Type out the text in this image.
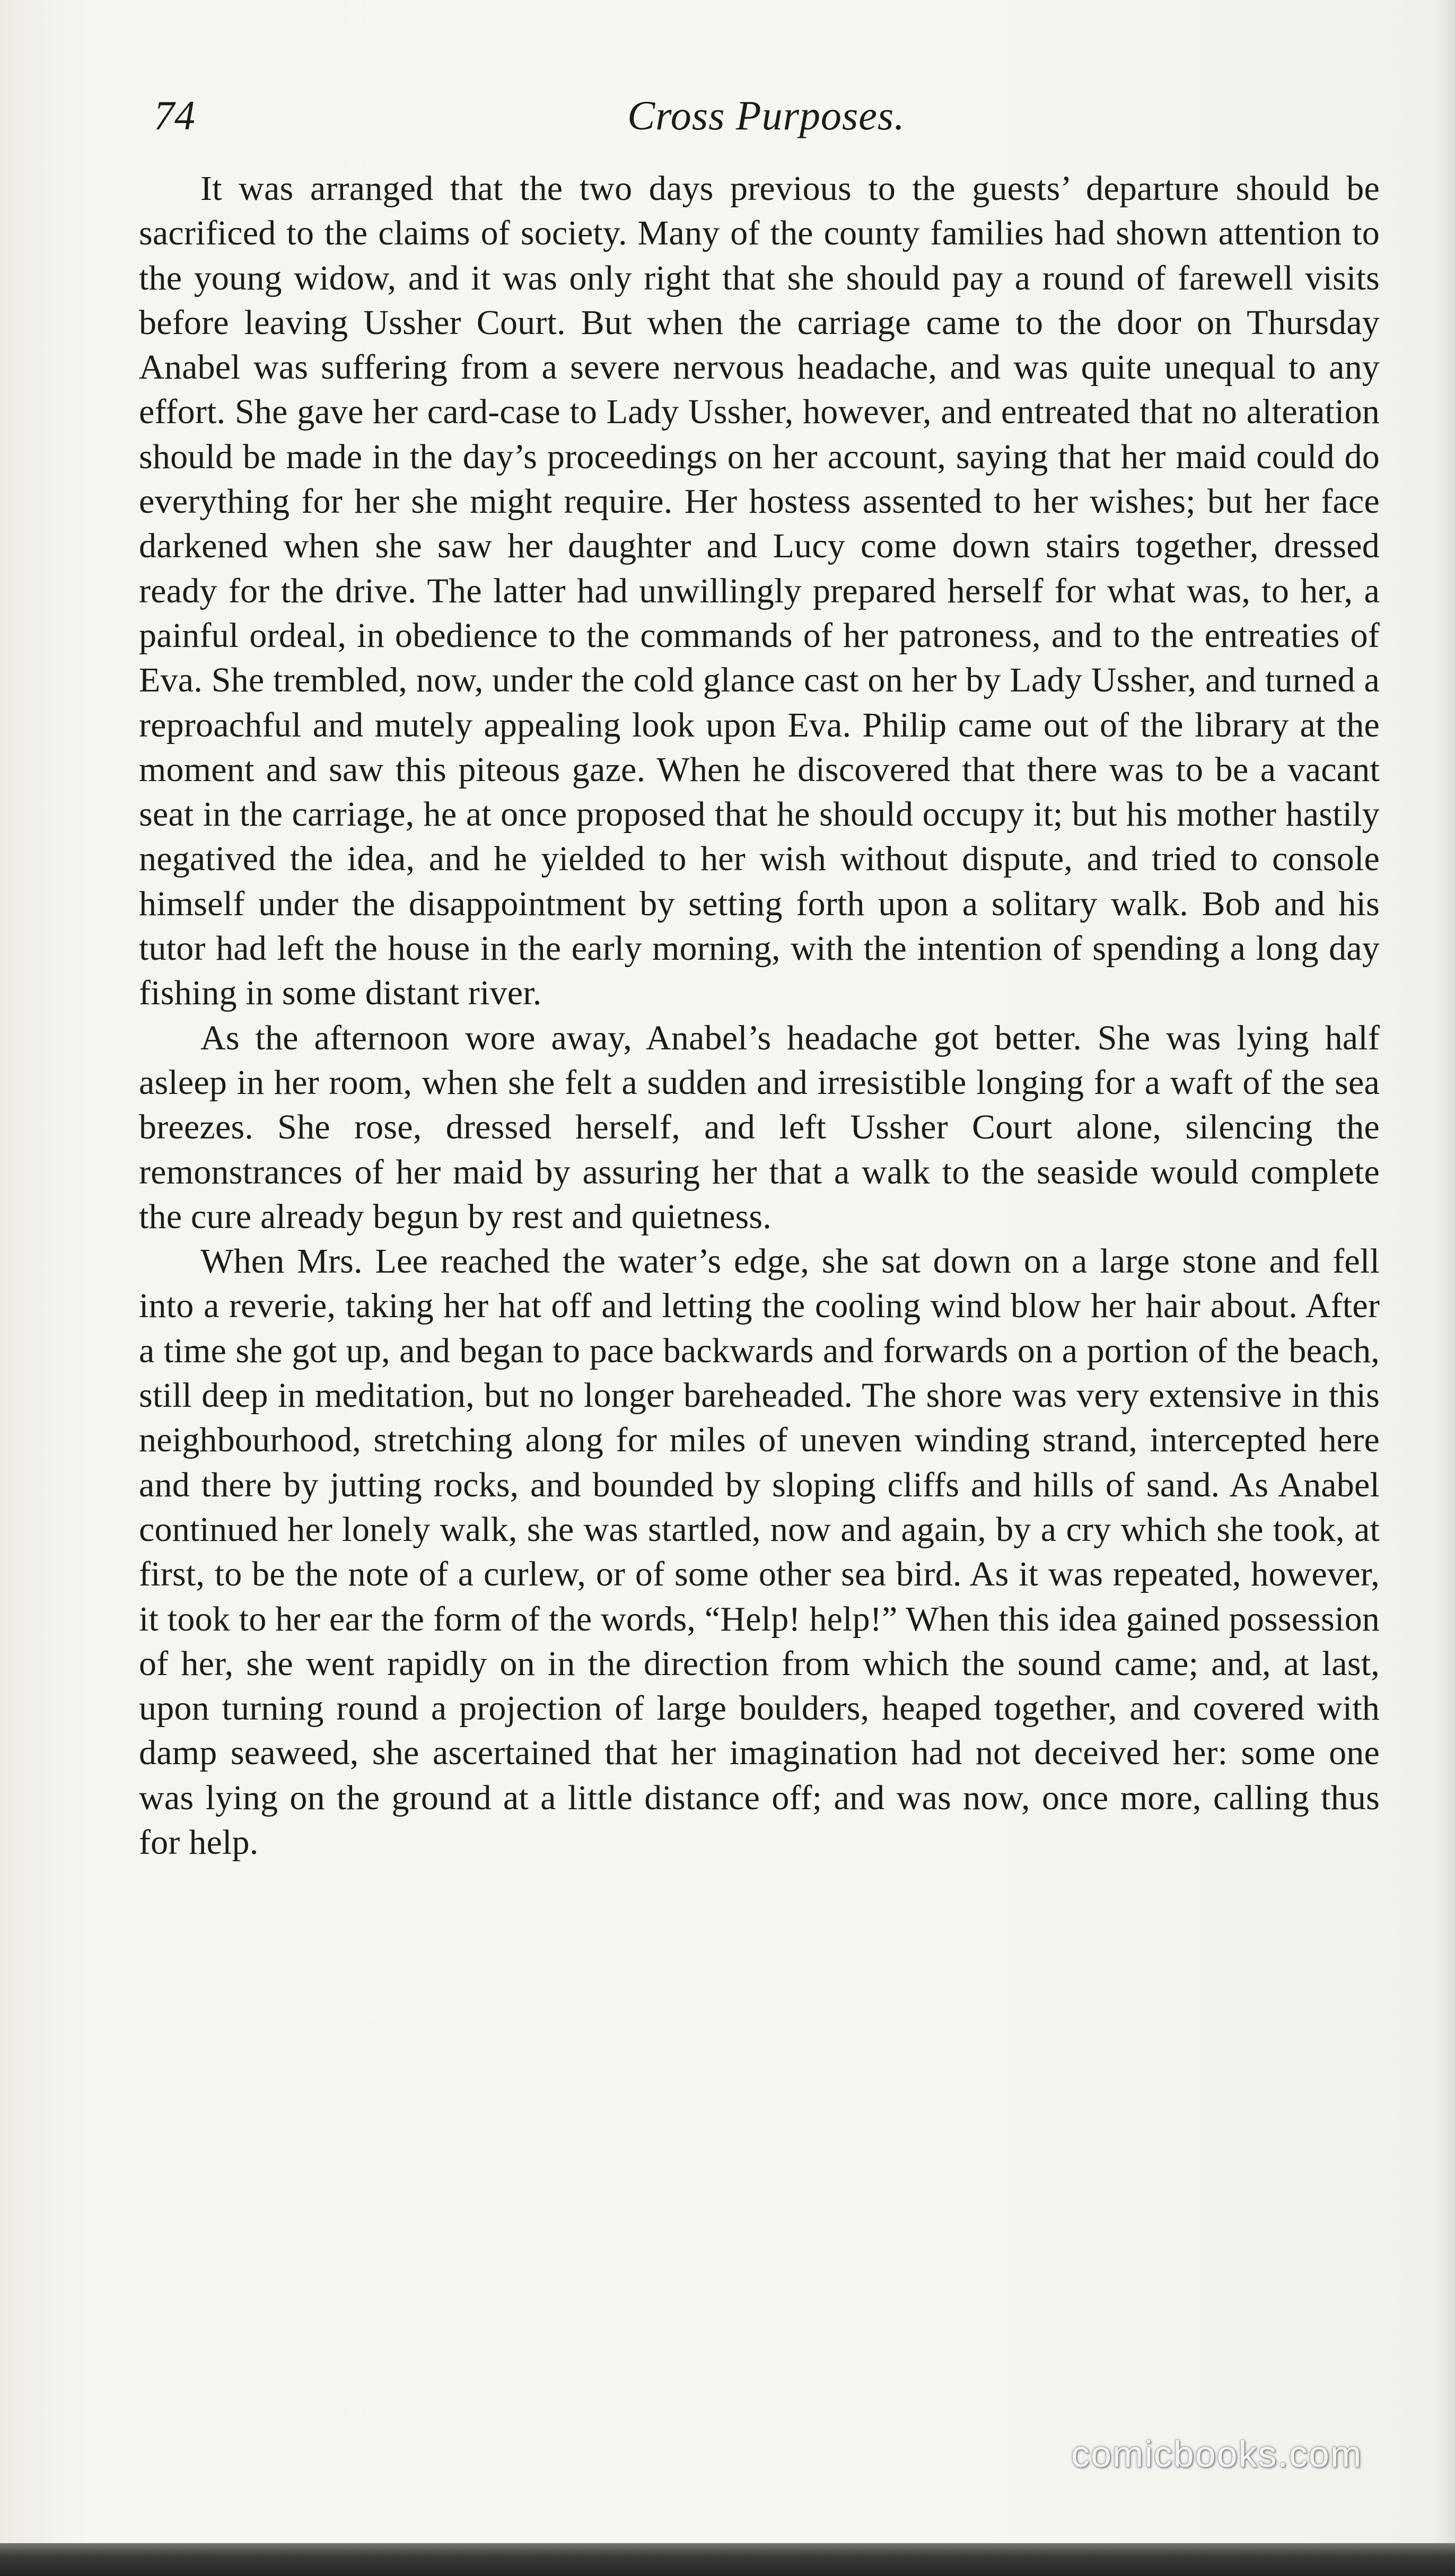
74	Cross Purposes.

It was arranged that the two days previous to the guests’ departure should be sacrificed to the claims of society. Many of the county families had shown attention to the young widow, and it was only right that she should pay a round of farewell visits before leaving Ussher Court. But when the carriage came to the door on Thursday Anabel was suffering from a severe nervous headache, and was quite unequal to any effort. She gave her card-case to Lady Ussher, however, and entreated that no alteration should be made in the day’s proceedings on her account, saying that her maid could do everything for her she might require. Her hostess assented to her wishes; but her face darkened when she saw her daughter and Lucy come down stairs together, dressed ready for the drive. The latter had unwillingly prepared herself for what was, to her, a painful ordeal, in obedience to the commands of her patroness, and to the entreaties of Eva. She trembled, now, under the cold glance cast on her by Lady Ussher, and turned a reproachful and mutely appealing look upon Eva. Philip came out of the library at the moment and saw this piteous gaze. When he discovered that there was to be a vacant seat in the carriage, he at once proposed that he should occupy it; but his mother hastily negatived the idea, and he yielded to her wish without dispute, and tried to console himself under the disappointment by setting forth upon a solitary walk. Bob and his tutor had left the house in the early morning, with the intention of spending a long day fishing in some distant river.

As the afternoon wore away, Anabel’s headache got better. She was lying half asleep in her room, when she felt a sudden and irresistible longing for a waft of the sea breezes. She rose, dressed herself, and left Ussher Court alone, silencing the remonstrances of her maid by assuring her that a walk to the seaside would complete the cure already begun by rest and quietness.

When Mrs. Lee reached the water’s edge, she sat down on a large stone and fell into a reverie, taking her hat off and letting the cooling wind blow her hair about. After a time she got up, and began to pace backwards and forwards on a portion of the beach, still deep in meditation, but no longer bareheaded. The shore was very extensive in this neighbourhood, stretching along for miles of uneven winding strand, intercepted here and there by jutting rocks, and bounded by sloping cliffs and hills of sand. As Anabel continued her lonely walk, she was startled, now and again, by a cry which she took, at first, to be the note of a curlew, or of some other sea bird. As it was repeated, however, it took to her ear the form of the words, “Help! help!” When this idea gained possession of her, she went rapidly on in the direction from which the sound came; and, at last, upon turning round a projection of large boulders, heaped together, and covered with damp seaweed, she ascertained that her imagination had not deceived her: some one was lying on the ground at a little distance off; and was now, once more, calling thus for help.

comicbooks.com
